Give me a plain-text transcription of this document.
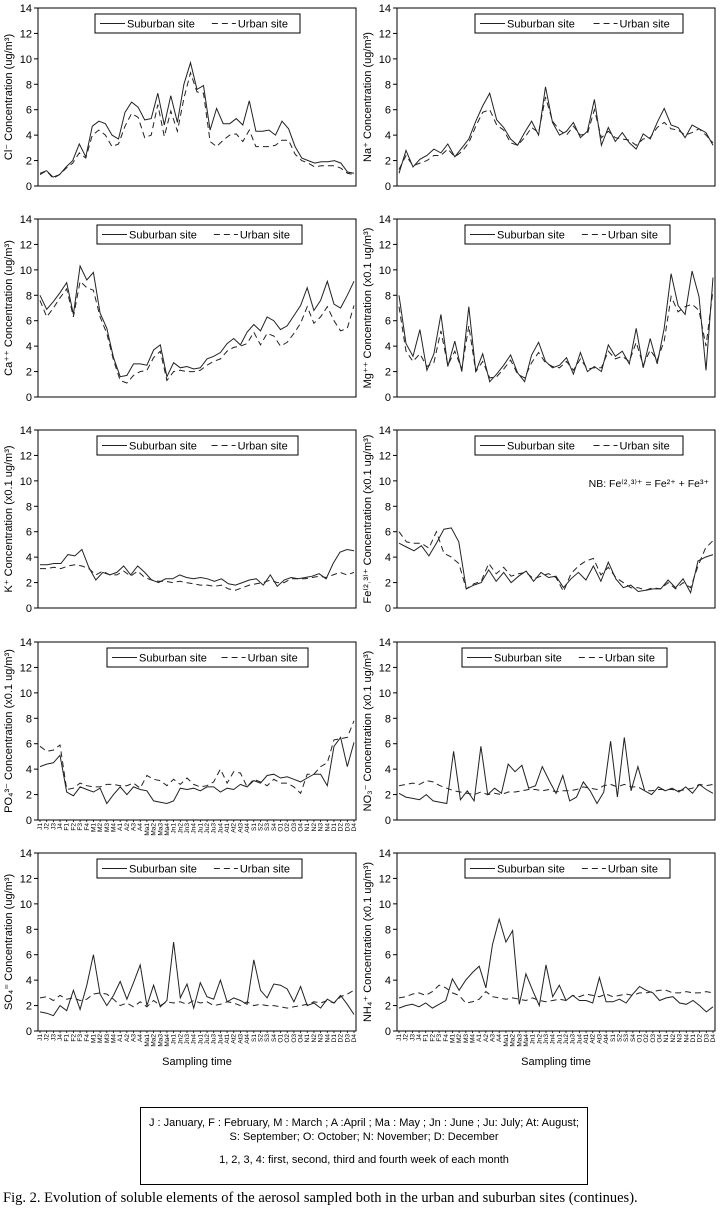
0
2
4
6
8
10
12
14
Cl⁻ Concentration (ug/m³)
Suburban site	Urban site
0
2
4
6
8
10
12
14
Na⁺ Concentration (ug/m³)
Suburban site	Urban site
0
2
4
6
8
10
12
14
Ca⁺⁺ Concentration (ug/m³)
Suburban site	Urban site
0
2
4
6
8
10
12
14
Mg⁺⁺ Concentration (x0.1 ug/m³)	Suburban site	Urban site
0
2
4
6
8
10
12
14
K⁺ Concentration (x0.1 ug/m³)	Suburban site	Urban site
0
2
4
6
8
10
12
14
Fe⁽²˒³⁾⁺ Concentration (x0.1 ug/m³)	Suburban site	Urban site
NB: Fe⁽²˒³⁾⁺ = Fe²⁺ + Fe³⁺
0
2
4
6
8
10
12
14
PO₄³⁻ Concentration (x0.1 ug/m³)
J1 J2 J3 J4 F1 F2 F3 F4 M1 M2 M3 M4 A1 A2 A3 A4 Ma1 Ma2 Ma3 Ma4 Jn1 Jn2 Jn3 Jn4 Ju1 Ju2 Ju3 Ju4 At1 At2 At3 At4 S1 S2 S3 S4 O1 O2 O3 O4 N1 N2 N3 N4 D1 D2 D3 D4
Suburban site	Urban site
0
2
4
6
8
10
12
14
NO₃⁻ Concentration (x0.1 ug/m³)	Suburban site	Urban site
0
2
4
6
8
10
12
14
SO₄⁼ Concentration (ug/m³)
J1 J2 J3 J4 F1 F2 F3 F4 M1 M2 M3 M4 A1 A2 A3 A4 Ma1 Ma2 Ma3 Ma4 Jn1 Jn2 Jn3 Jn4 Ju1 Ju2 Ju3 Ju4 At1 At2 At3 At4 S1 S2 S3 S4 O1 O2 O3 O4 N1 N2 N3 N4 D1 D2 D3 D4
Sampling time
Suburban site	Urban site
0
2
4
6
8
10
12
14
NH₄⁺ Concentration (x0.1 ug/m³)
J1 J2 J3 J4 F1 F2 F3 F4 M1 M2 M3 M4 A1 A2 A3 A4 Ma1 Ma2 Ma3 Ma4 Jn1 Jn2 Jn3 Jn4 Ju1 Ju2 Ju3 Ju4 At1 At2 At3 At4 S1 S2 S3 S4 O1 O2 O3 O4 N1 N2 N3 N4 D1 D2 D3 D4
Sampling time
Suburban site	Urban site

J : January, F : February, M : March ; A :April ; Ma : May ; Jn : June ; Ju: July; At: August;

S: September; O: October; N: November; D: December

1, 2, 3, 4: first, second, third and fourth week of each month

Fig. 2. Evolution of soluble elements of the aerosol sampled both in the urban and suburban sites (continues).
